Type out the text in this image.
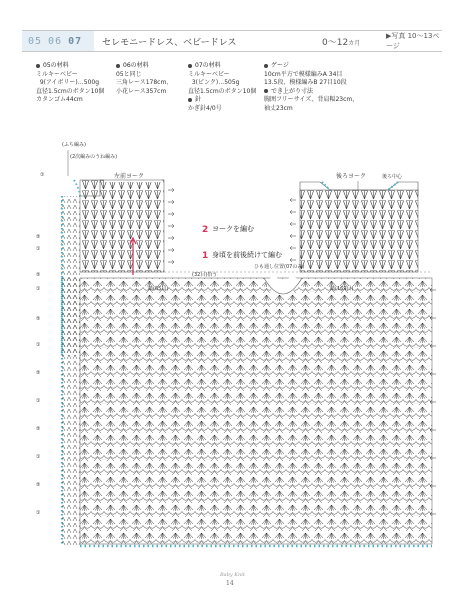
05 06 07 セレモニードレス、ベビードレス	0〜12カ月
▶写真 10〜13ページ
05の材料
ミルキーベビー
9(アイボリー)…500g
直径1.5cmのボタン10個
カタンゴム44cm
06の材料
05と同じ
三角レース178cm、
小花レース357cm
07の材料
ミルキーベビー
3(ピンク)…505g
直径1.5cmのボタン10個
針
かぎ針4/0号
ゲージ
10cm平方で模様編みA 34目
13.5段、模様編みB 27目10段
でき上がり寸法
胸囲フリーサイズ、背肩幅23cm、
袖丈23cm
⑤
①
⑤
①
⑤
①
⑤
①
⑤
①
⑤
①
(ふち編み)
(2次編みのうね編み)
左前ヨーク	後ろヨーク	後ろ中心
2 ヨークを編む
1 身頃を前後続けて編む
(32目)拾う
ひも通し位置(07のみ)
縞(85目)	縞(169目)
①
Baby Knit
14
